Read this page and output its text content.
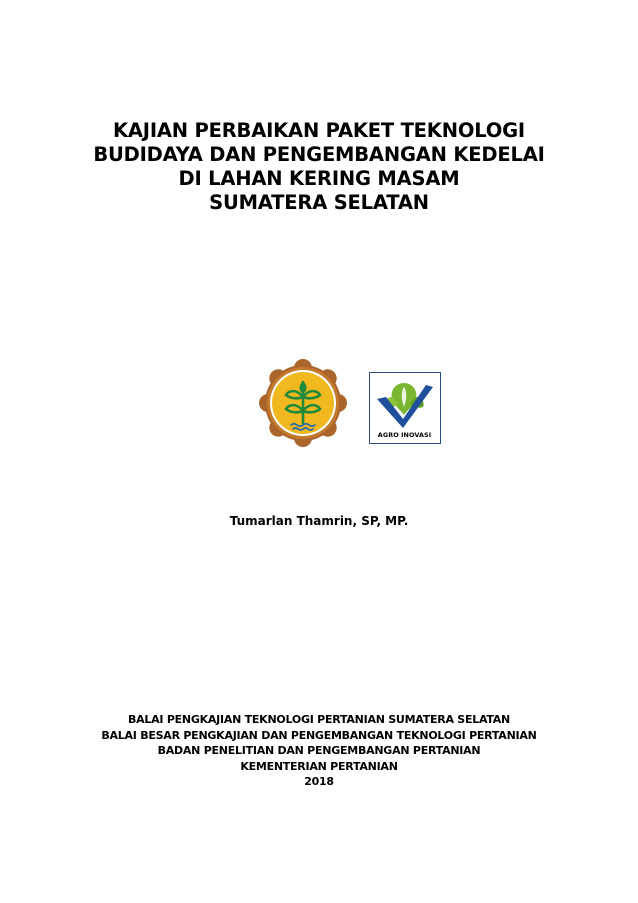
KAJIAN PERBAIKAN PAKET TEKNOLOGI
BUDIDAYA DAN PENGEMBANGAN KEDELAI
DI LAHAN KERING MASAM
SUMATERA SELATAN
AGRO INOVASI
Tumarlan Thamrin, SP, MP.
BALAI PENGKAJIAN TEKNOLOGI PERTANIAN SUMATERA SELATAN
BALAI BESAR PENGKAJIAN DAN PENGEMBANGAN TEKNOLOGI PERTANIAN
BADAN PENELITIAN DAN PENGEMBANGAN PERTANIAN
KEMENTERIAN PERTANIAN
2018
